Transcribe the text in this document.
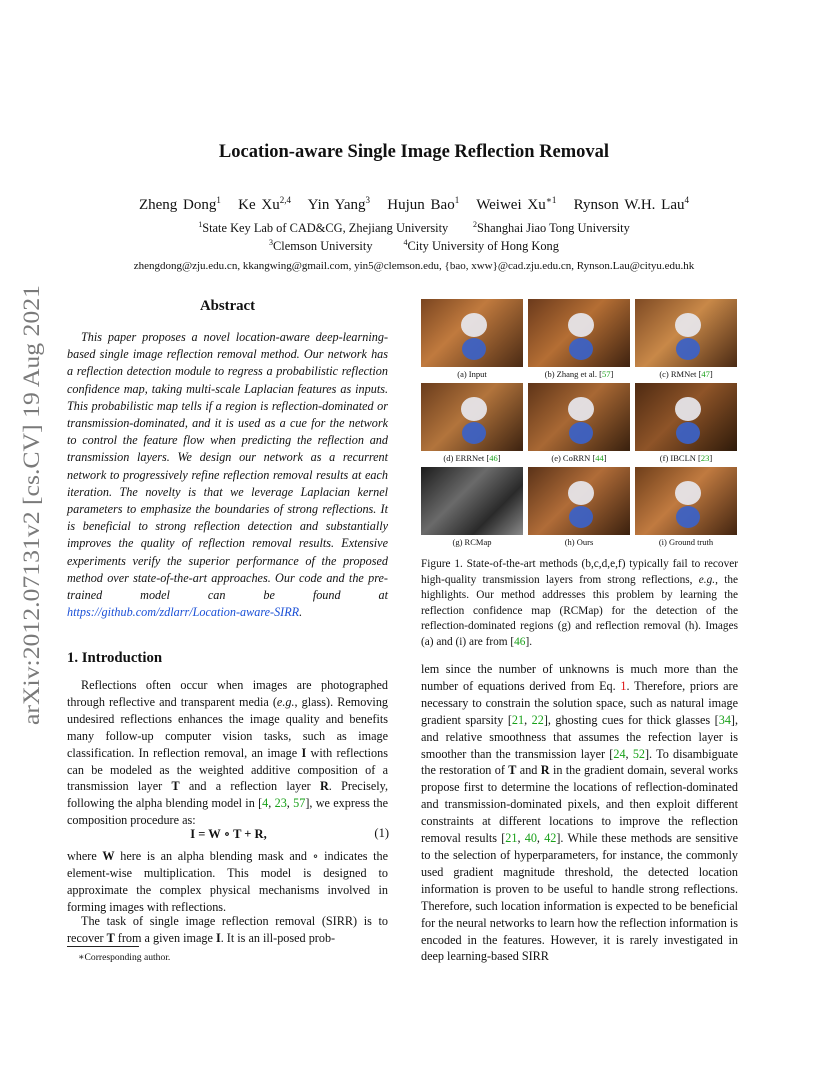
arXiv:2012.07131v2 [cs.CV] 19 Aug 2021
Location-aware Single Image Reflection Removal
Zheng Dong$^1$ Ke Xu$^{2,4}$ Yin Yang$^3$ Hujun Bao$^1$ Weiwei $Xu^{∗1}$ Rynson W.H. Lau$^4$
$^1$State Key Lab of CAD&CG, Zhejiang University	$^2$Shanghai Jiao Tong University
$^3$Clemson University	$^4$City University of Hong Kong
zhengdong@zju.edu.cn, kkangwing@gmail.com, yin5@clemson.edu, {bao, xww}@cad.zju.edu.cn, Rynson.Lau@cityu.edu.hk
Abstract
This paper proposes a novel location-aware deep-learning-based single image reflection removal method. Our network has a reflection detection module to regress a probabilistic reflection confidence map, taking multi-scale Laplacian features as inputs. This probabilistic map tells if a region is reflection-dominated or transmission-dominated, and it is used as a cue for the network to control the feature flow when predicting the reflection and transmission layers. We design our network as a recurrent network to progressively refine reflection removal results at each iteration. The novelty is that we leverage Laplacian kernel parameters to emphasize the boundaries of strong reflections. It is beneficial to strong reflection detection and substantially improves the quality of reflection removal results. Extensive experiments verify the superior performance of the proposed method over state-of-the-art approaches. Our code and the pre-trained model can be found at https://github.com/zdlarr/Location-aware-SIRR.
(a) Input	(b) Zhang et al. [57]	(c) RMNet [47]
(d) ERRNet [46]	(e) CoRRN [44]	(f) IBCLN [23]
(g) RCMap	(h) Ours	(i) Ground truth
Figure 1. State-of-the-art methods (b,c,d,e,f) typically fail to recover high-quality transmission layers from strong reflections, e.g., the highlights. Our method addresses this problem by learning the reflection confidence map (RCMap) for the detection of the reflection-dominated regions (g) and reflection removal (h). Images (a) and (i) are from [46].
1. Introduction
Reflections often occur when images are photographed through reflective and transparent media (e.g., glass). Removing undesired reflections enhances the image quality and benefits many follow-up computer vision tasks, such as image classification. In reflection removal, an image I with reflections can be modeled as the weighted additive composition of a transmission layer T and a reflection layer R. Precisely, following the alpha blending model in [4, 23, 57], we express the composition procedure as:
I = W ∘ T + R,	(1)
where W here is an alpha blending mask and ∘ indicates the element-wise multiplication. This model is designed to approximate the complex physical mechanisms involved in forming images with reflections.
The task of single image reflection removal (SIRR) is to recover T from a given image I. It is an ill-posed prob-
∗Corresponding author.
lem since the number of unknowns is much more than the number of equations derived from Eq. 1. Therefore, priors are necessary to constrain the solution space, such as natural image gradient sparsity [21, 22], ghosting cues for thick glasses [34], and relative smoothness that assumes the refection layer is smoother than the transmission layer [24, 52]. To disambiguate the restoration of T and R in the gradient domain, several works propose first to determine the locations of reflection-dominated and transmission-dominated pixels, and then exploit different constraints at different locations to improve the reflection removal results [21, 40, 42]. While these methods are sensitive to the selection of hyperparameters, for instance, the commonly used gradient magnitude threshold, the detected location information is proven to be useful to handle strong reflections. Therefore, such location information is expected to be beneficial for the neural networks to learn how the reflection information is encoded in the features. However, it is rarely investigated in deep learning-based SIRR
